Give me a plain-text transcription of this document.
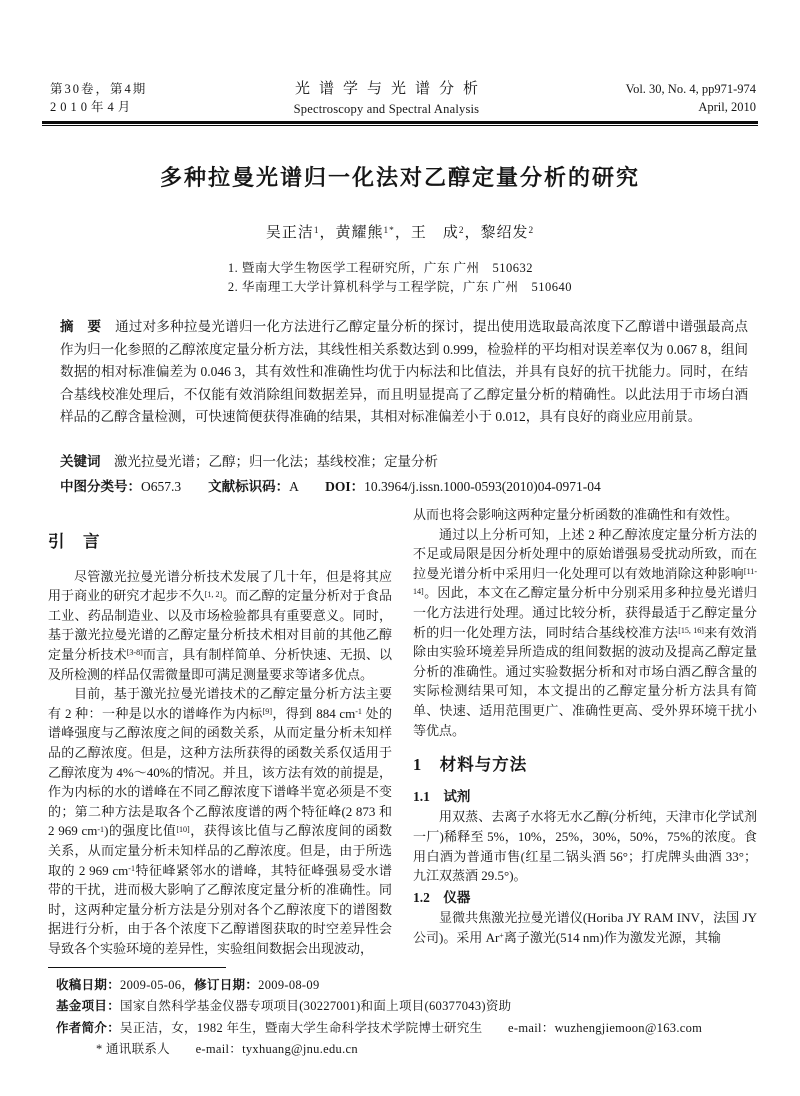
第30卷，第4期
2010年4月
光谱学与光谱分析
Spectroscopy and Spectral Analysis
Vol. 30, No. 4, pp971-974
April, 2010
多种拉曼光谱归一化法对乙醇定量分析的研究
吴正洁$^1$，黄耀熊$^{1*}$，王　成$^2$，黎绍发$^2$
1. 暨南大学生物医学工程研究所，广东 广州　510632
2. 华南理工大学计算机科学与工程学院，广东 广州　510640
摘　要　通过对多种拉曼光谱归一化方法进行乙醇定量分析的探讨，提出使用选取最高浓度下乙醇谱中谱强最高点作为归一化参照的乙醇浓度定量分析方法，其线性相关系数达到 0.999，检验样的平均相对误差率仅为 0.067 8，组间数据的相对标准偏差为 0.046 3，其有效性和准确性均优于内标法和比值法，并具有良好的抗干扰能力。同时，在结合基线校准处理后，不仅能有效消除组间数据差异，而且明显提高了乙醇定量分析的精确性。以此法用于市场白酒样品的乙醇含量检测，可快速简便获得准确的结果，其相对标准偏差小于 0.012，具有良好的商业应用前景。
关键词　激光拉曼光谱；乙醇；归一化法；基线校准；定量分析
中图分类号：O657.3　　文献标识码：A　　DOI：10.3964/j.issn.1000-0593(2010)04-0971-04
引　言

尽管激光拉曼光谱分析技术发展了几十年，但是将其应用于商业的研究才起步不久[1, 2]。而乙醇的定量分析对于食品工业、药品制造业、以及市场检验都具有重要意义。同时，基于激光拉曼光谱的乙醇定量分析技术相对目前的其他乙醇定量分析技术[3-8]而言，具有制样简单、分析快速、无损、以及所检测的样品仅需微量即可满足测量要求等诸多优点。

目前，基于激光拉曼光谱技术的乙醇定量分析方法主要有 2 种：一种是以水的谱峰作为内标[9]，得到 884 $cm^{-1}$ 处的谱峰强度与乙醇浓度之间的函数关系，从而定量分析未知样品的乙醇浓度。但是，这种方法所获得的函数关系仅适用于乙醇浓度为 4%～40%的情况。并且，该方法有效的前提是，作为内标的水的谱峰在不同乙醇浓度下谱峰半宽必须是不变的；第二种方法是取各个乙醇浓度谱的两个特征峰(2 873 和 2 969 $cm^{-1}$)的强度比值[10]，获得该比值与乙醇浓度间的函数关系，从而定量分析未知样品的乙醇浓度。但是，由于所选取的 2 969 $cm^{-1}$特征峰紧邻水的谱峰，其特征峰强易受水谱带的干扰，进而极大影响了乙醇浓度定量分析的准确性。同时，这两种定量分析方法是分别对各个乙醇浓度下的谱图数据进行分析，由于各个浓度下乙醇谱图获取的时空差异性会导致各个实验环境的差异性，实验组间数据会出现波动，

从而也将会影响这两种定量分析函数的准确性和有效性。

通过以上分析可知，上述 2 种乙醇浓度定量分析方法的不足或局限是因分析处理中的原始谱强易受扰动所致，而在拉曼光谱分析中采用归一化处理可以有效地消除这种影响[11-14]。因此，本文在乙醇定量分析中分别采用多种拉曼光谱归一化方法进行处理。通过比较分析，获得最适于乙醇定量分析的归一化处理方法，同时结合基线校准方法[15, 16]来有效消除由实验环境差异所造成的组间数据的波动及提高乙醇定量分析的准确性。通过实验数据分析和对市场白酒乙醇含量的实际检测结果可知，本文提出的乙醇定量分析方法具有简单、快速、适用范围更广、准确性更高、受外界环境干扰小等优点。

1　材料与方法
1.1　试剂

用双蒸、去离子水将无水乙醇(分析纯，天津市化学试剂一厂)稀释至 5%，10%，25%，30%，50%，75%的浓度。食用白酒为普通市售(红星二锅头酒 56°；打虎牌头曲酒 33°；九江双蒸酒 29.5°)。

1.2　仪器

显微共焦激光拉曼光谱仪(Horiba JY RAM INV，法国 JY 公司)。采用 Ar+离子激光(514 nm)作为激发光源，其输

收稿日期：2009-05-06，修订日期：2009-08-09
基金项目：国家自然科学基金仪器专项项目(30227001)和面上项目(60377043)资助
作者简介：吴正洁，女，1982 年生，暨南大学生命科学技术学院博士研究生　　e-mail：wuzhengjiemoon@163.com
* 通讯联系人　　e-mail：tyxhuang@jnu.edu.cn
